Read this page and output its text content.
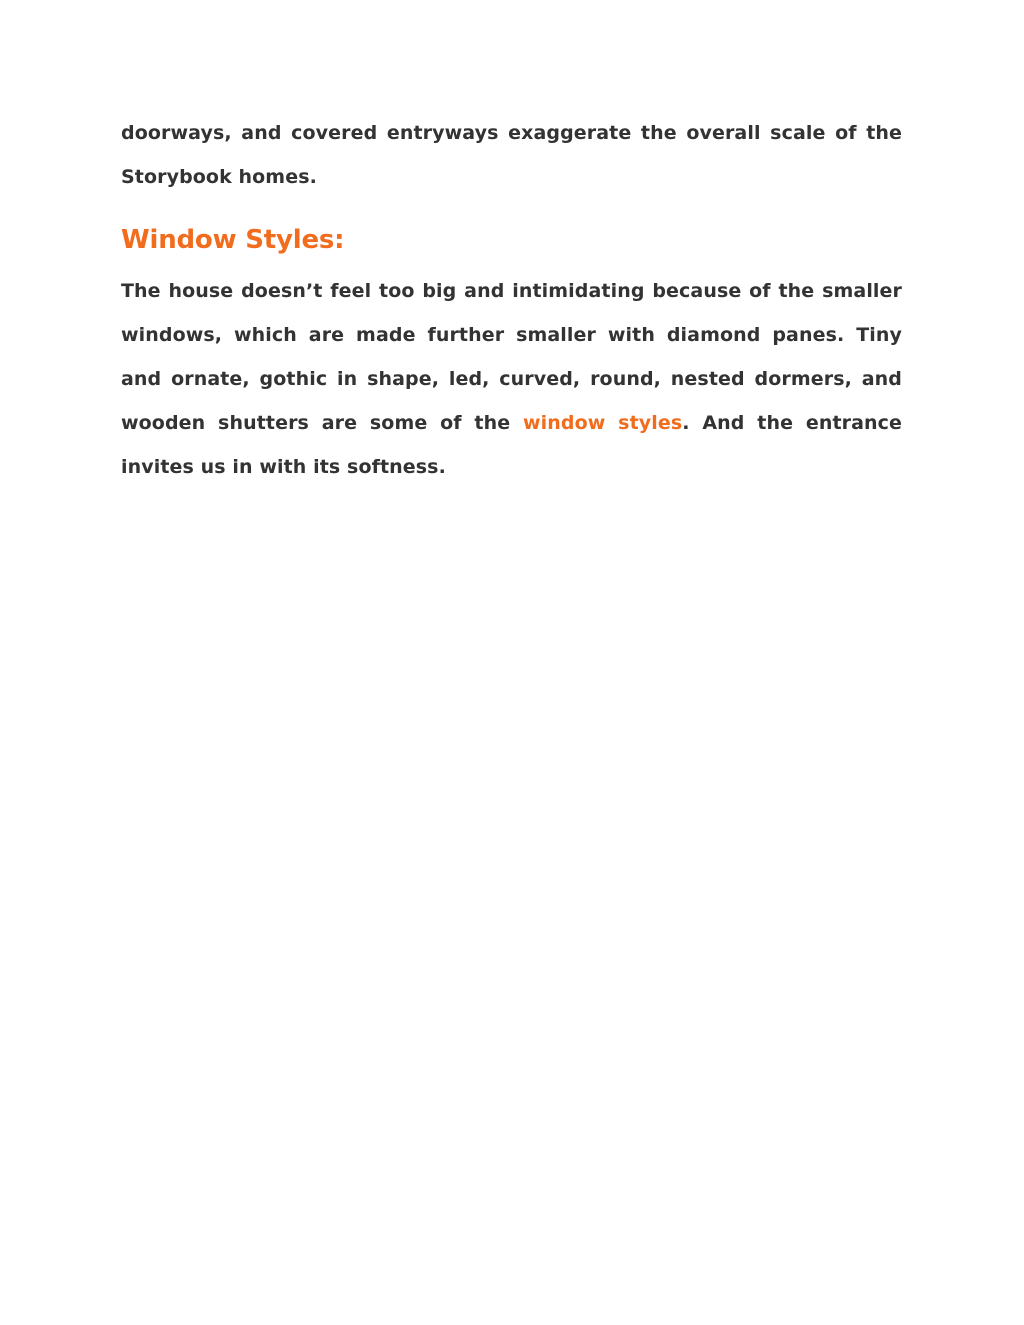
doorways, and covered entryways exaggerate the overall scale of the Storybook homes.

Window Styles:

The house doesn’t feel too big and intimidating because of the smaller windows, which are made further smaller with diamond panes. Tiny and ornate, gothic in shape, led, curved, round, nested dormers, and wooden shutters are some of the window styles. And the entrance invites us in with its softness.
